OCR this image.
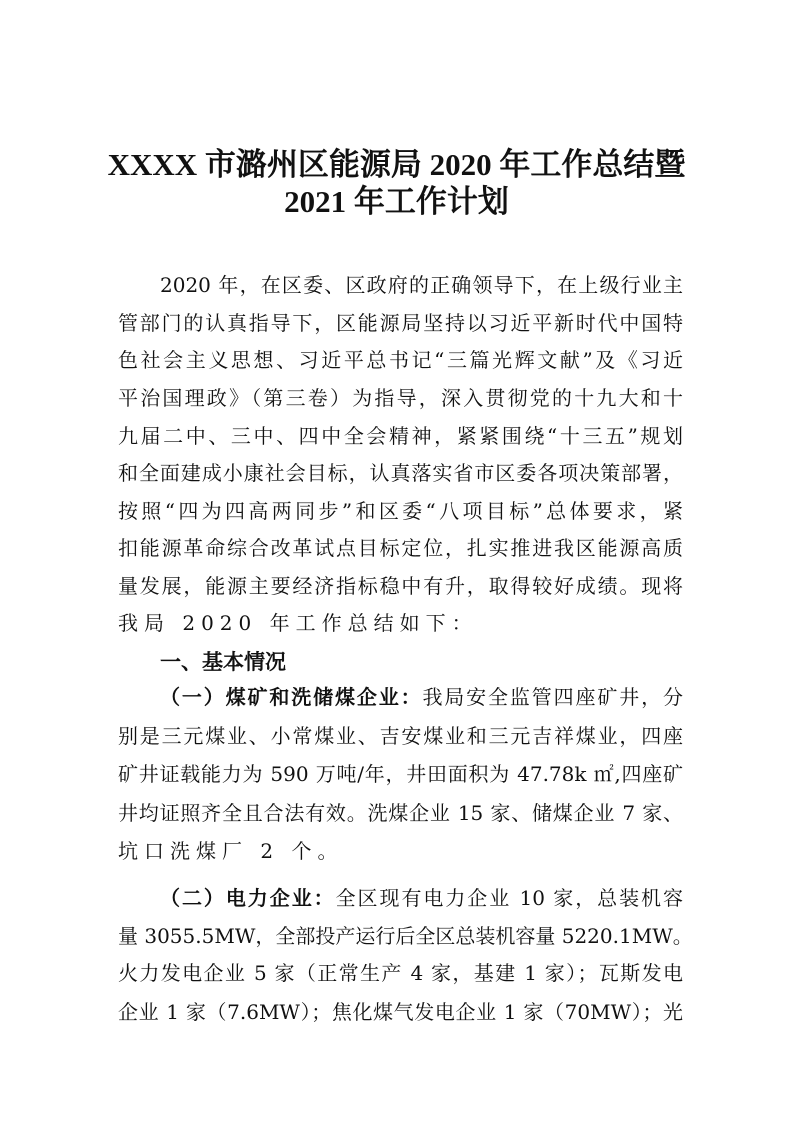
XXXX 市潞州区能源局 2020 年工作总结暨
2021 年工作计划
2020 年，在区委、区政府的正确领导下，在上级行业主
管部门的认真指导下，区能源局坚持以习近平新时代中国特
色社会主义思想、习近平总书记“三篇光辉文献”及《习近
平治国理政》（第三卷）为指导，深入贯彻党的十九大和十
九届二中、三中、四中全会精神，紧紧围绕“十三五”规划
和全面建成小康社会目标，认真落实省市区委各项决策部署，
按照“四为四高两同步”和区委“八项目标”总体要求，紧
扣能源革命综合改革试点目标定位，扎实推进我区能源高质
量发展，能源主要经济指标稳中有升，取得较好成绩。现将
我局 2020 年工作总结如下：
一、基本情况
（一）煤矿和洗储煤企业：我局安全监管四座矿井，分
别是三元煤业、小常煤业、吉安煤业和三元吉祥煤业，四座
矿井证载能力为 590 万吨/年，井田面积为 47.78k ㎡,四座矿
井均证照齐全且合法有效。洗煤企业 15 家、储煤企业 7 家、
坑口洗煤厂 2 个。
（二）电力企业：全区现有电力企业 10 家，总装机容
量 3055.5MW，全部投产运行后全区总装机容量 5220.1MW。
火力发电企业 5 家（正常生产 4 家，基建 1 家）；瓦斯发电
企业 1 家（7.6MW）；焦化煤气发电企业 1 家（70MW）；光
